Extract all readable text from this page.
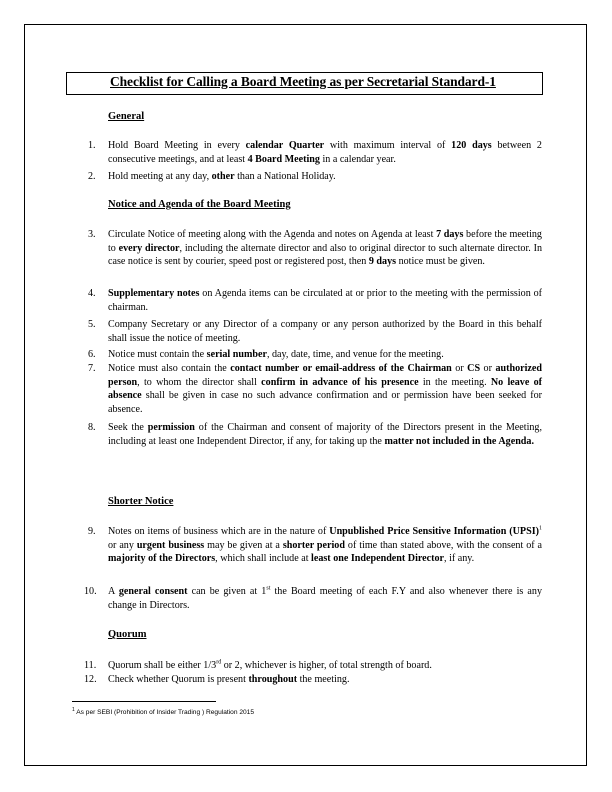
Checklist for Calling a Board Meeting as per Secretarial Standard-1
General
Notice and Agenda of the Board Meeting
Shorter Notice
Quorum
1. Hold Board Meeting in every calendar Quarter with maximum interval of 120 days between 2 consecutive meetings, and at least 4 Board Meeting in a calendar year.
2. Hold meeting at any day, other than a National Holiday.
3. Circulate Notice of meeting along with the Agenda and notes on Agenda at least 7 days before the meeting to every director, including the alternate director and also to original director to such alternate director. In case notice is sent by courier, speed post or registered post, then 9 days notice must be given.
4. Supplementary notes on Agenda items can be circulated at or prior to the meeting with the permission of chairman.
5. Company Secretary or any Director of a company or any person authorized by the Board in this behalf shall issue the notice of meeting.
6. Notice must contain the serial number, day, date, time, and venue for the meeting.
7. Notice must also contain the contact number or email-address of the Chairman or CS or authorized person, to whom the director shall confirm in advance of his presence in the meeting. No leave of absence shall be given in case no such advance confirmation and or permission have been seeked for absence.
8. Seek the permission of the Chairman and consent of majority of the Directors present in the Meeting, including at least one Independent Director, if any, for taking up the matter not included in the Agenda.
9. Notes on items of business which are in the nature of Unpublished Price Sensitive Information (UPSI)$^1$ or any urgent business may be given at a shorter period of time than stated above, with the consent of a majority of the Directors, which shall include at least one Independent Director, if any.
10. A general consent can be given at 1st the Board meeting of each F.Y and also whenever there is any change in Directors.
11. Quorum shall be either 1/3rd or 2, whichever is higher, of total strength of board.
12. Check whether Quorum is present throughout the meeting.
$^1$ As per SEBI (Prohibition of Insider Trading ) Regulation 2015
